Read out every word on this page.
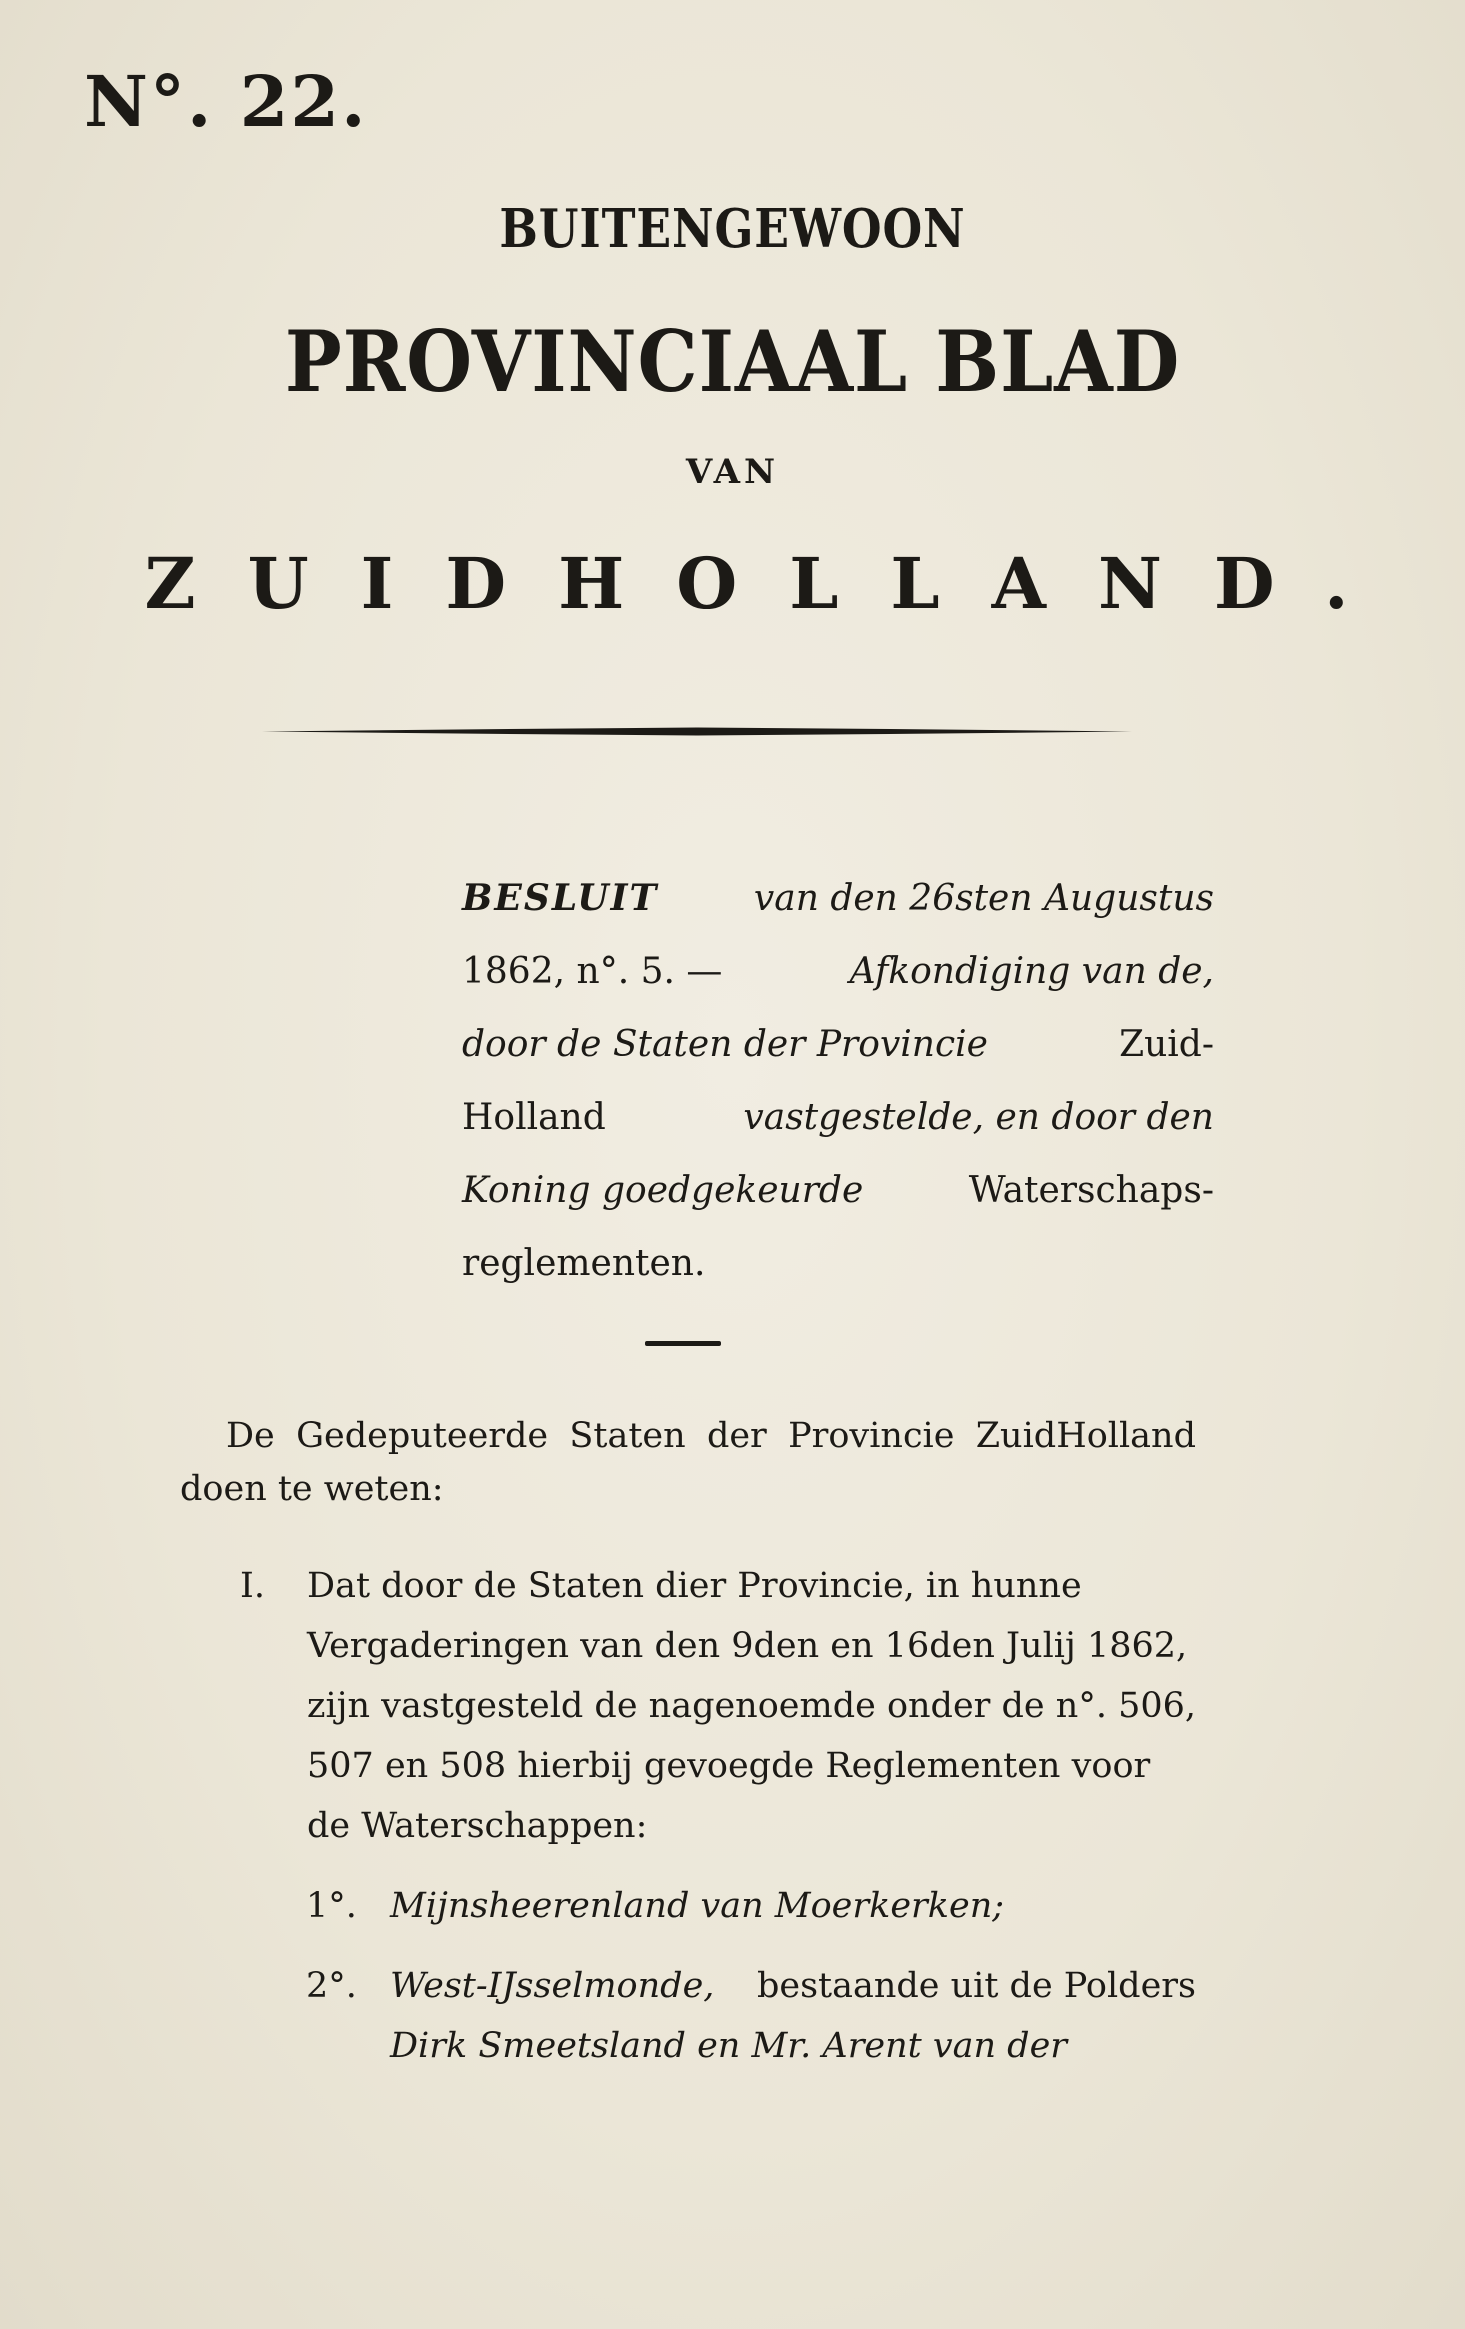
N°. 22.
BUITENGEWOON
PROVINCIAAL BLAD
VAN
ZUIDHOLLAND.
BESLUIT	van den 26sten Augustus
1862, n°. 5. —	Afkondiging van de,
door de Staten der Provincie	Zuid-
Holland	vastgestelde, en door den
Koning goedgekeurde	Waterschaps-
reglementen.
De Gedeputeerde Staten der Provincie ZuidHolland
doen te weten:
I.	Dat door de Staten dier Provincie, in hunne
Vergaderingen van den 9den en 16den Julij 1862,
zijn vastgesteld de nagenoemde onder de n°. 506,
507 en 508 hierbij gevoegde Reglementen voor
de Waterschappen:
1°. Mijnsheerenland van Moerkerken;
2°. West-IJsselmonde, bestaande uit de Polders
Dirk Smeetsland en Mr. Arent van der
